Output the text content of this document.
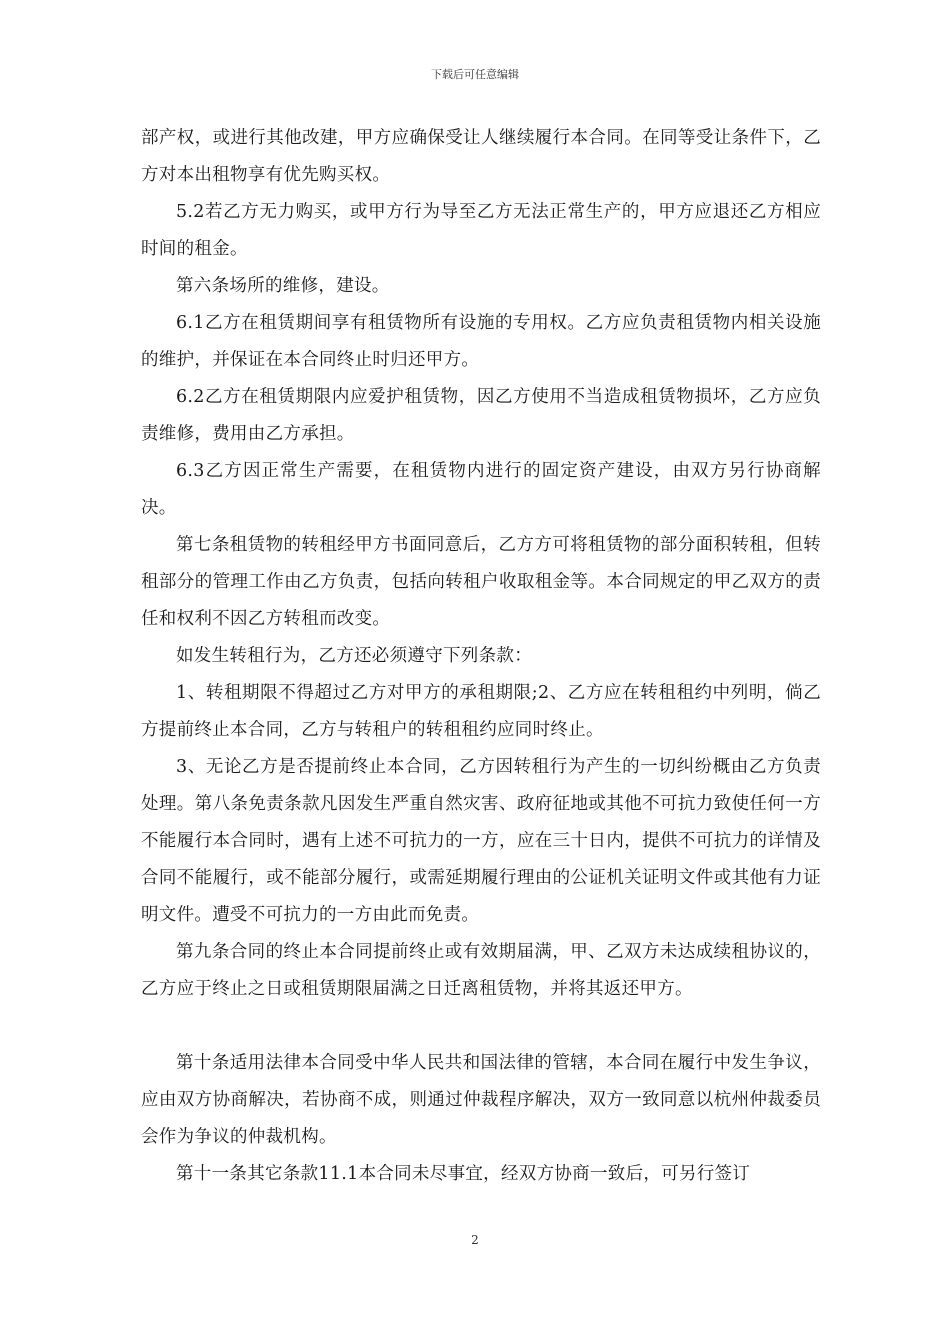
下载后可任意编辑

部产权，或进行其他改建，甲方应确保受让人继续履行本合同。在同等受让条件下，乙方对本出租物享有优先购买权。

5.2若乙方无力购买，或甲方行为导至乙方无法正常生产的，甲方应退还乙方相应时间的租金。

第六条场所的维修，建设。

6.1乙方在租赁期间享有租赁物所有设施的专用权。乙方应负责租赁物内相关设施的维护，并保证在本合同终止时归还甲方。

6.2乙方在租赁期限内应爱护租赁物，因乙方使用不当造成租赁物损坏，乙方应负责维修，费用由乙方承担。

6.3乙方因正常生产需要，在租赁物内进行的固定资产建设，由双方另行协商解决。

第七条租赁物的转租经甲方书面同意后，乙方方可将租赁物的部分面积转租，但转租部分的管理工作由乙方负责，包括向转租户收取租金等。本合同规定的甲乙双方的责任和权利不因乙方转租而改变。

如发生转租行为，乙方还必须遵守下列条款：

1、转租期限不得超过乙方对甲方的承租期限;2、乙方应在转租租约中列明，倘乙方提前终止本合同，乙方与转租户的转租租约应同时终止。

3、无论乙方是否提前终止本合同，乙方因转租行为产生的一切纠纷概由乙方负责处理。第八条免责条款凡因发生严重自然灾害、政府征地或其他不可抗力致使任何一方不能履行本合同时，遇有上述不可抗力的一方，应在三十日内，提供不可抗力的详情及合同不能履行，或不能部分履行，或需延期履行理由的公证机关证明文件或其他有力证明文件。遭受不可抗力的一方由此而免责。

第九条合同的终止本合同提前终止或有效期届满，甲、乙双方未达成续租协议的，乙方应于终止之日或租赁期限届满之日迁离租赁物，并将其返还甲方。

第十条适用法律本合同受中华人民共和国法律的管辖，本合同在履行中发生争议，应由双方协商解决，若协商不成，则通过仲裁程序解决，双方一致同意以杭州仲裁委员会作为争议的仲裁机构。

第十一条其它条款11.1本合同未尽事宜，经双方协商一致后，可另行签订

2
